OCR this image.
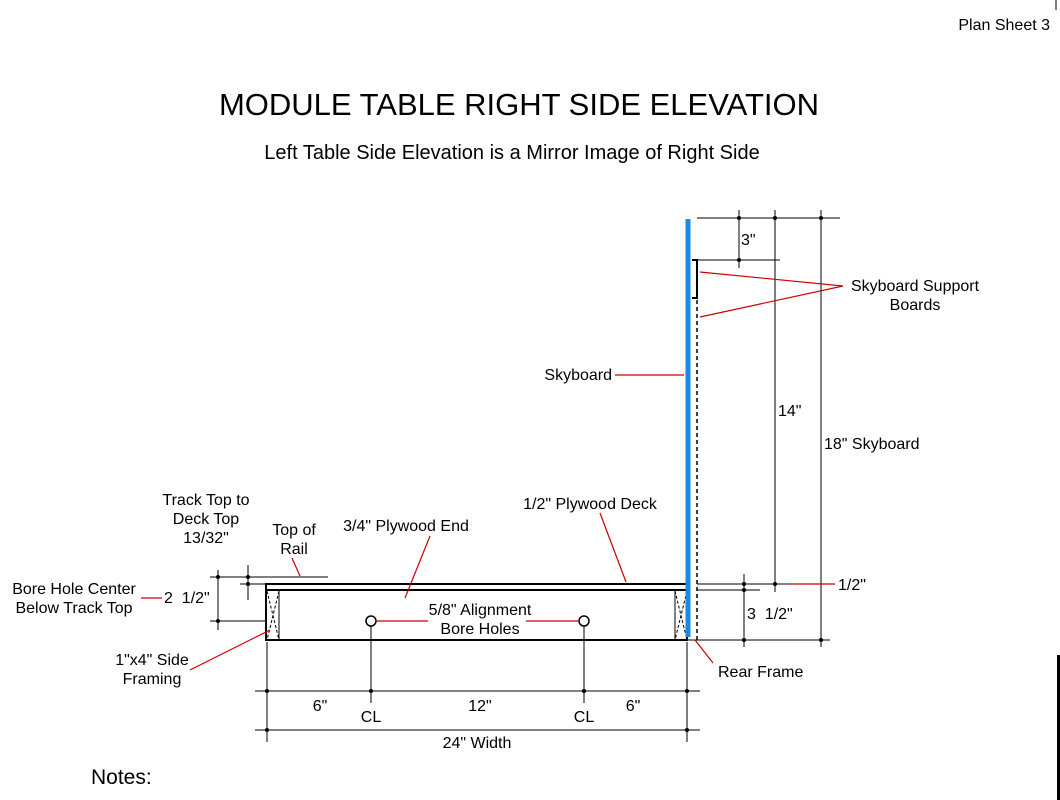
Plan Sheet 3
MODULE TABLE RIGHT SIDE ELEVATION
Left Table Side Elevation is a Mirror Image of Right Side
Skyboard Support
Boards
Skyboard
3"
14"
18" Skyboard
1/2" Plywood Deck
3/4" Plywood End
Track Top to
Deck Top
13/32"	Top of
Rail
Bore Hole Center
Below Track Top
2  1/2"
5/8" Alignment
Bore Holes
1/2"
3  1/2"
1"x4" Side
Framing	Rear Frame
6"	12"	6"
CL	CL
24" Width
Notes:
